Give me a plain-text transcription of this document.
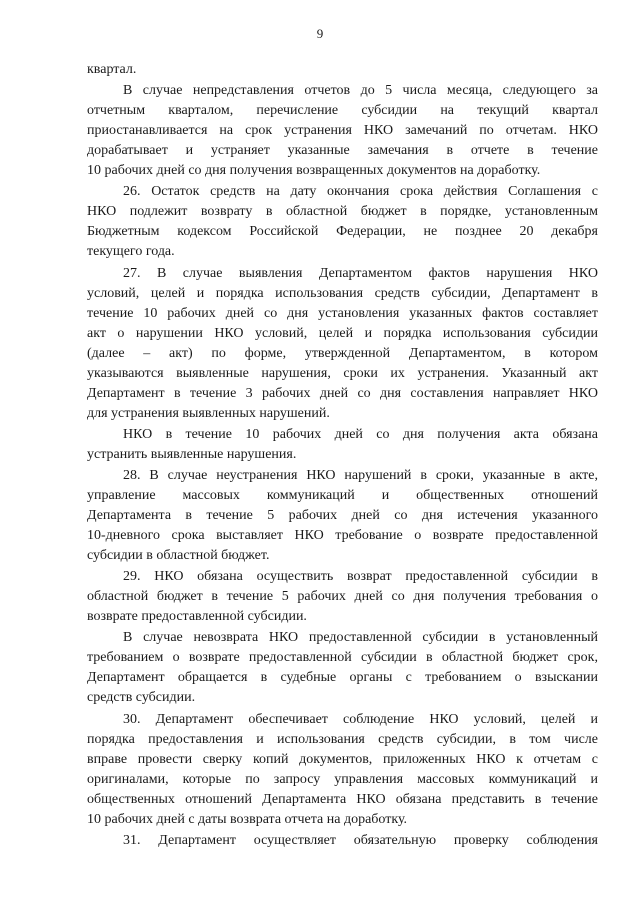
9
квартал.
В случае непредставления отчетов до 5 числа месяца, следующего за
отчетным кварталом, перечисление субсидии на текущий квартал
приостанавливается на срок устранения НКО замечаний по отчетам. НКО
дорабатывает и устраняет указанные замечания в отчете в течение
10 рабочих дней со дня получения возвращенных документов на доработку.
26. Остаток средств на дату окончания срока действия Соглашения с
НКО подлежит возврату в областной бюджет в порядке, установленным
Бюджетным кодексом Российской Федерации, не позднее 20 декабря
текущего года.
27. В случае выявления Департаментом фактов нарушения НКО
условий, целей и порядка использования средств субсидии, Департамент в
течение 10 рабочих дней со дня установления указанных фактов составляет
акт о нарушении НКО условий, целей и порядка использования субсидии
(далее – акт) по форме, утвержденной Департаментом, в котором
указываются выявленные нарушения, сроки их устранения. Указанный акт
Департамент в течение 3 рабочих дней со дня составления направляет НКО
для устранения выявленных нарушений.
НКО в течение 10 рабочих дней со дня получения акта обязана
устранить выявленные нарушения.
28. В случае неустранения НКО нарушений в сроки, указанные в акте,
управление массовых коммуникаций и общественных отношений
Департамента в течение 5 рабочих дней со дня истечения указанного
10-дневного срока выставляет НКО требование о возврате предоставленной
субсидии в областной бюджет.
29. НКО обязана осуществить возврат предоставленной субсидии в
областной бюджет в течение 5 рабочих дней со дня получения требования о
возврате предоставленной субсидии.
В случае невозврата НКО предоставленной субсидии в установленный
требованием о возврате предоставленной субсидии в областной бюджет срок,
Департамент обращается в судебные органы с требованием о взыскании
средств субсидии.
30. Департамент обеспечивает соблюдение НКО условий, целей и
порядка предоставления и использования средств субсидии, в том числе
вправе провести сверку копий документов, приложенных НКО к отчетам с
оригиналами, которые по запросу управления массовых коммуникаций и
общественных отношений Департамента НКО обязана представить в течение
10 рабочих дней с даты возврата отчета на доработку.
31. Департамент осуществляет обязательную проверку соблюдения
